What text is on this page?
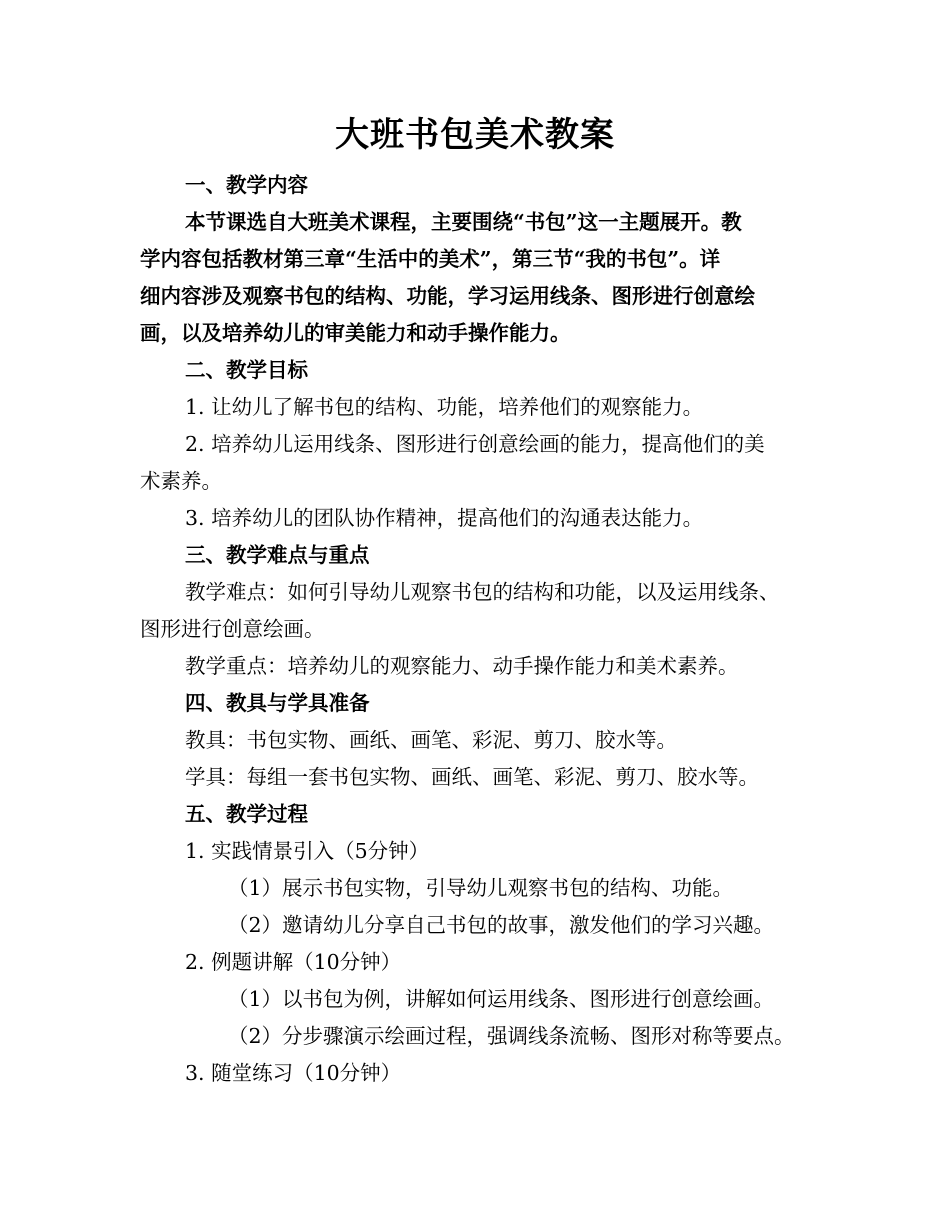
大班书包美术教案
一、教学内容
本节课选自大班美术课程，主要围绕“书包”这一主题展开。教
学内容包括教材第三章“生活中的美术”，第三节“我的书包”。详
细内容涉及观察书包的结构、功能，学习运用线条、图形进行创意绘
画，以及培养幼儿的审美能力和动手操作能力。
二、教学目标
1. 让幼儿了解书包的结构、功能，培养他们的观察能力。
2. 培养幼儿运用线条、图形进行创意绘画的能力，提高他们的美
术素养。
3. 培养幼儿的团队协作精神，提高他们的沟通表达能力。
三、教学难点与重点
教学难点：如何引导幼儿观察书包的结构和功能，以及运用线条、
图形进行创意绘画。
教学重点：培养幼儿的观察能力、动手操作能力和美术素养。
四、教具与学具准备
教具：书包实物、画纸、画笔、彩泥、剪刀、胶水等。
学具：每组一套书包实物、画纸、画笔、彩泥、剪刀、胶水等。
五、教学过程
1. 实践情景引入（5分钟）
（1）展示书包实物，引导幼儿观察书包的结构、功能。
（2）邀请幼儿分享自己书包的故事，激发他们的学习兴趣。
2. 例题讲解（10分钟）
（1）以书包为例，讲解如何运用线条、图形进行创意绘画。
（2）分步骤演示绘画过程，强调线条流畅、图形对称等要点。
3. 随堂练习（10分钟）
